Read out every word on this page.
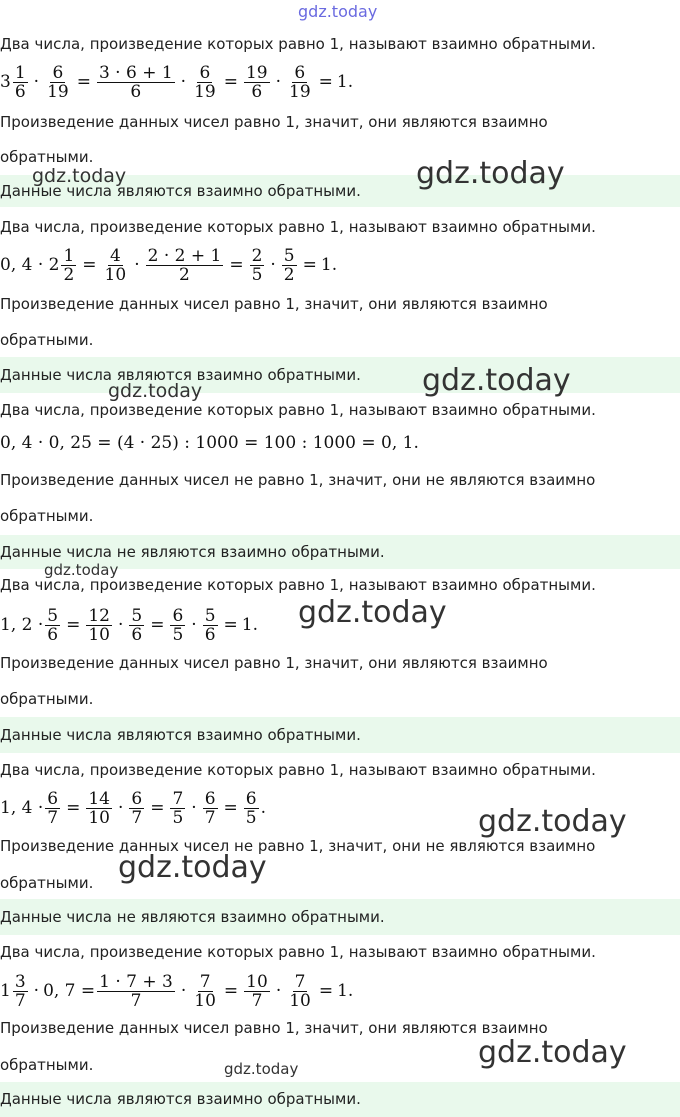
gdz.today
Два числа, произведение которых равно 1, называют взаимно обратными.
$3 \frac{1}{6} \cdot \frac{6}{19} = \frac{3 \cdot 6 + 1}{6} \cdot \frac{6}{19} = \frac{19}{6} \cdot \frac{6}{19} = 1$.
Произведение данных чисел равно 1, значит, они являются взаимно
обратными.
Данные числа являются взаимно обратными.
Два числа, произведение которых равно 1, называют взаимно обратными.
0, $4 \cdot 2 \frac{1}{2} = \frac{4}{10} \cdot \frac{2 \cdot 2 + 1}{2} = \frac{2}{5} \cdot \frac{5}{2} = 1$.
Произведение данных чисел равно 1, значит, они являются взаимно
обратными.
Данные числа являются взаимно обратными.
Два числа, произведение которых равно 1, называют взаимно обратными.
0, 4 · 0, 25 = (4 · 25) : 1000 = 100 : 1000 = 0, 1.
Произведение данных чисел не равно 1, значит, они не являются взаимно
обратными.
Данные числа не являются взаимно обратными.
Два числа, произведение которых равно 1, называют взаимно обратными.
1, $2 \cdot \frac{5}{6} = \frac{12}{10} \cdot \frac{5}{6} = \frac{6}{5} \cdot \frac{5}{6} = 1$.
Произведение данных чисел равно 1, значит, они являются взаимно
обратными.
Данные числа являются взаимно обратными.
Два числа, произведение которых равно 1, называют взаимно обратными.
1, $4 \cdot \frac{6}{7} = \frac{14}{10} \cdot \frac{6}{7} = \frac{7}{5} \cdot \frac{6}{7} = \frac{6}{5}$ .
Произведение данных чисел не равно 1, значит, они не являются взаимно
обратными.
Данные числа не являются взаимно обратными.
Два числа, произведение которых равно 1, называют взаимно обратными.
$1 \frac{3}{7} \cdot 0$, $7 = \frac{1 \cdot 7 + 3}{7} \cdot \frac{7}{10} = \frac{10}{7} \cdot \frac{7}{10} = 1$.
Произведение данных чисел равно 1, значит, они являются взаимно
обратными.
Данные числа являются взаимно обратными.
gdz.today	gdz.today
gdz.today	gdz.today
gdz.today
gdz.today
gdz.today
gdz.today
gdz.today
gdz.today
